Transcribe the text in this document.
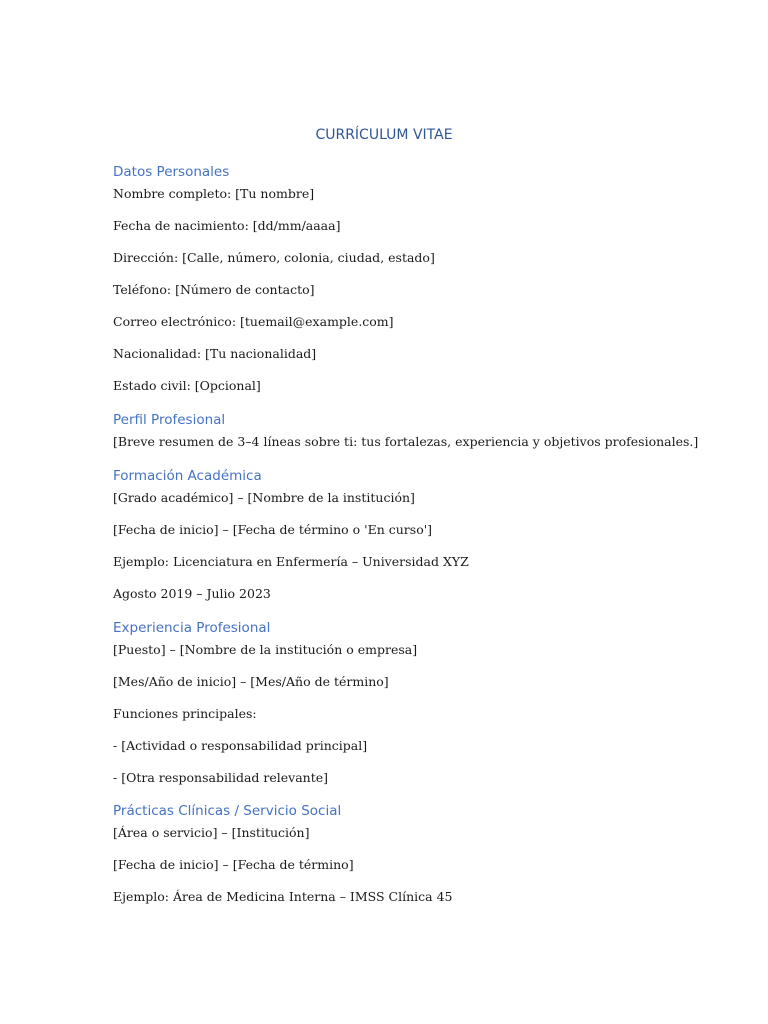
CURRÍCULUM VITAE
Datos Personales
Nombre completo: [Tu nombre]
Fecha de nacimiento: [dd/mm/aaaa]
Dirección: [Calle, número, colonia, ciudad, estado]
Teléfono: [Número de contacto]
Correo electrónico: [tuemail@example.com]
Nacionalidad: [Tu nacionalidad]
Estado civil: [Opcional]
Perfil Profesional
[Breve resumen de 3–4 líneas sobre ti: tus fortalezas, experiencia y objetivos profesionales.]
Formación Académica
[Grado académico] – [Nombre de la institución]
[Fecha de inicio] – [Fecha de término o 'En curso']
Ejemplo: Licenciatura en Enfermería – Universidad XYZ
Agosto 2019 – Julio 2023
Experiencia Profesional
[Puesto] – [Nombre de la institución o empresa]
[Mes/Año de inicio] – [Mes/Año de término]
Funciones principales:
- [Actividad o responsabilidad principal]
- [Otra responsabilidad relevante]
Prácticas Clínicas / Servicio Social
[Área o servicio] – [Institución]
[Fecha de inicio] – [Fecha de término]
Ejemplo: Área de Medicina Interna – IMSS Clínica 45
